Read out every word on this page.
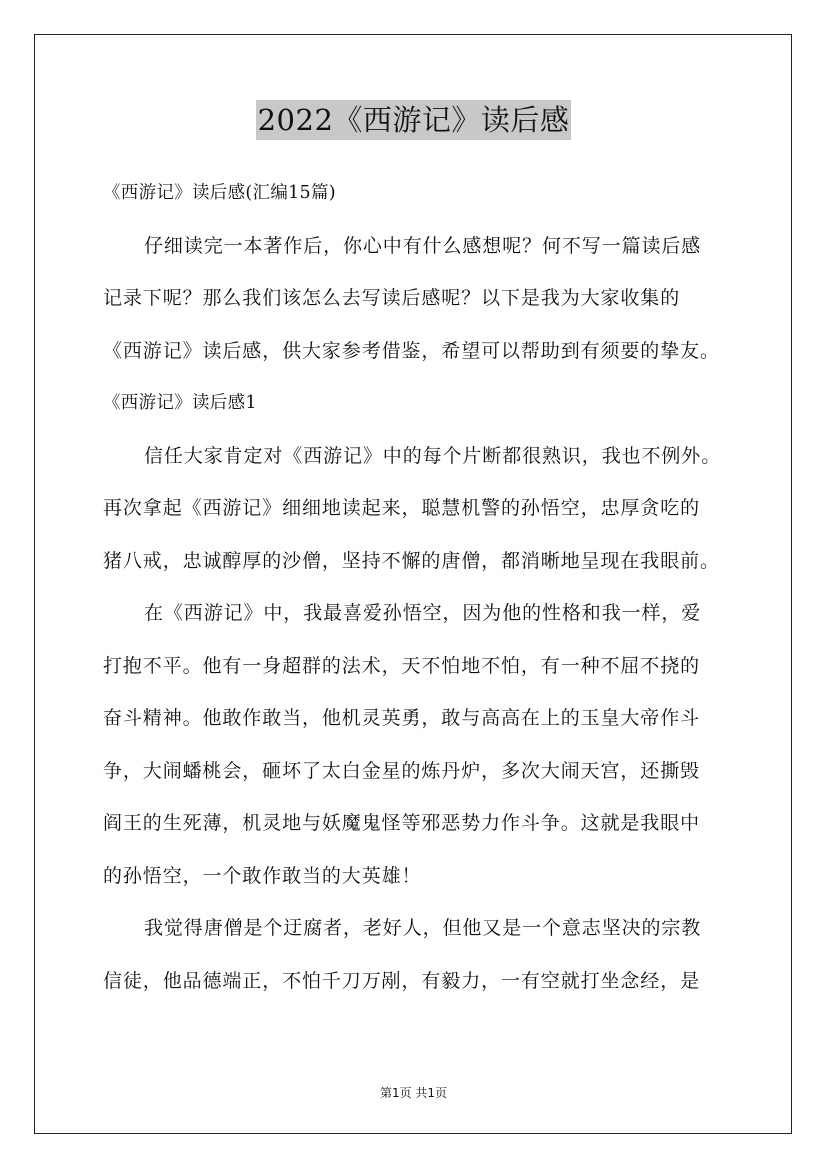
2022《西游记》读后感
《西游记》读后感(汇编15篇)
仔细读完一本著作后，你心中有什么感想呢？何不写一篇读后感
记录下呢？那么我们该怎么去写读后感呢？以下是我为大家收集的
《西游记》读后感，供大家参考借鉴，希望可以帮助到有须要的挚友。
《西游记》读后感1
信任大家肯定对《西游记》中的每个片断都很熟识，我也不例外。
再次拿起《西游记》细细地读起来，聪慧机警的孙悟空，忠厚贪吃的
猪八戒，忠诚醇厚的沙僧，坚持不懈的唐僧，都消晰地呈现在我眼前。
在《西游记》中，我最喜爱孙悟空，因为他的性格和我一样，爱
打抱不平。他有一身超群的法术，天不怕地不怕，有一种不屈不挠的
奋斗精神。他敢作敢当，他机灵英勇，敢与高高在上的玉皇大帝作斗
争，大闹蟠桃会，砸坏了太白金星的炼丹炉，多次大闹天宫，还撕毁
阎王的生死薄，机灵地与妖魔鬼怪等邪恶势力作斗争。这就是我眼中
的孙悟空，一个敢作敢当的大英雄！
我觉得唐僧是个迂腐者，老好人，但他又是一个意志坚决的宗教
信徒，他品德端正，不怕千刀万剐，有毅力，一有空就打坐念经，是
第1页 共1页
